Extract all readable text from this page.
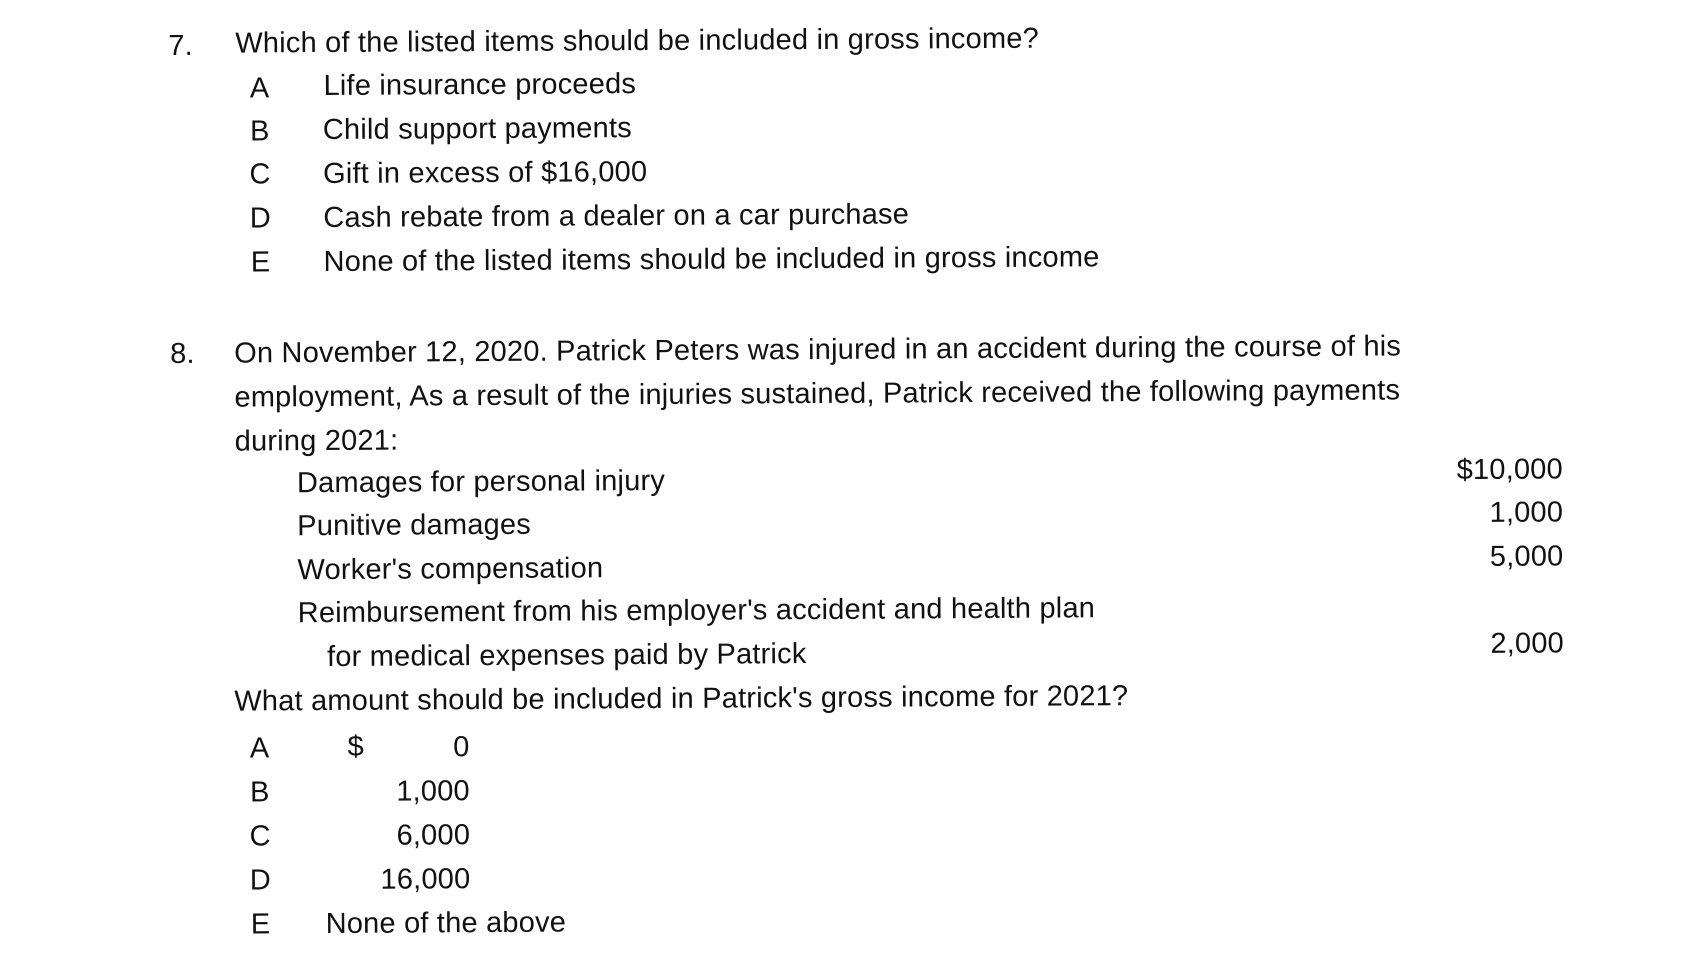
7. Which of the listed items should be included in gross income?
A Life insurance proceeds
B Child support payments
C Gift in excess of $16,000
D Cash rebate from a dealer on a car purchase
E None of the listed items should be included in gross income
8. On November 12, 2020. Patrick Peters was injured in an accident during the course of his
employment, As a result of the injuries sustained, Patrick received the following payments
during 2021:
Damages for personal injury	$10,000
Punitive damages	1,000
Worker's compensation	5,000
Reimbursement from his employer's accident and health plan
for medical expenses paid by Patrick	2,000
What amount should be included in Patrick's gross income for 2021?
A	$	0
B	1,000
C	6,000
D	16,000
E None of the above
